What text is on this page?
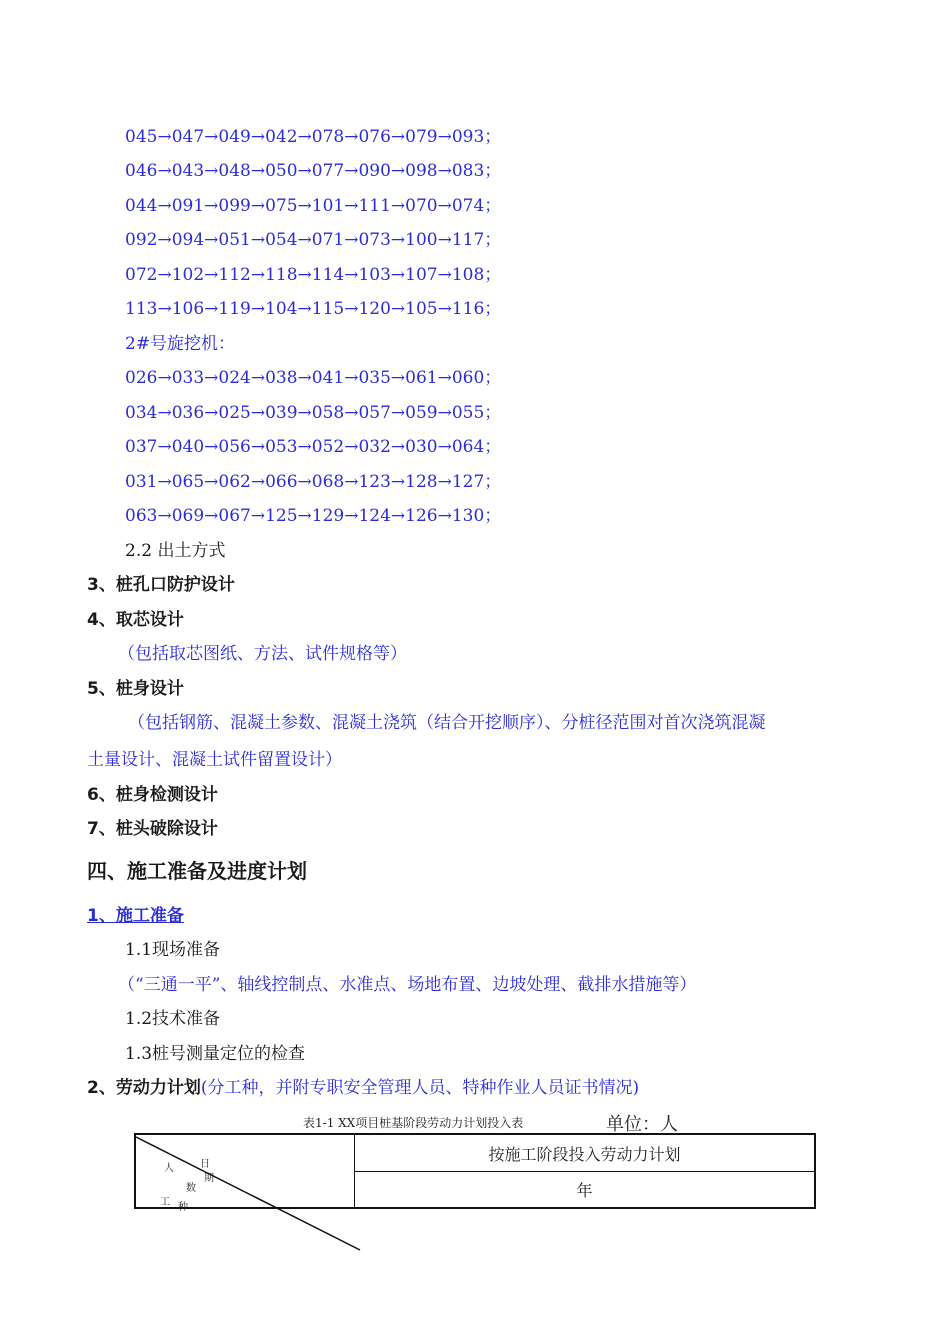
045→047→049→042→078→076→079→093；
046→043→048→050→077→090→098→083；
044→091→099→075→101→111→070→074；
092→094→051→054→071→073→100→117；
072→102→112→118→114→103→107→108；
113→106→119→104→115→120→105→116；
2#号旋挖机：
026→033→024→038→041→035→061→060；
034→036→025→039→058→057→059→055；
037→040→056→053→052→032→030→064；
031→065→062→066→068→123→128→127；
063→069→067→125→129→124→126→130；
2.2 出土方式
3、桩孔口防护设计
4、取芯设计
（包括取芯图纸、方法、试件规格等）
5、桩身设计
（包括钢筋、混凝土参数、混凝土浇筑（结合开挖顺序）、分桩径范围对首次浇筑混凝
土量设计、混凝土试件留置设计）
6、桩身检测设计
7、桩头破除设计
四、施工准备及进度计划
1、施工准备
1.1现场准备
（“三通一平”、轴线控制点、水准点、场地布置、边坡处理、截排水措施等）
1.2技术准备
1.3桩号测量定位的检查
2、劳动力计划(分工种，并附专职安全管理人员、特种作业人员证书情况)
表1-1 XX项目桩基阶段劳动力计划投入表	单位：人
按施工阶段投入劳动力计划
年
人	日
期
数
工 种
